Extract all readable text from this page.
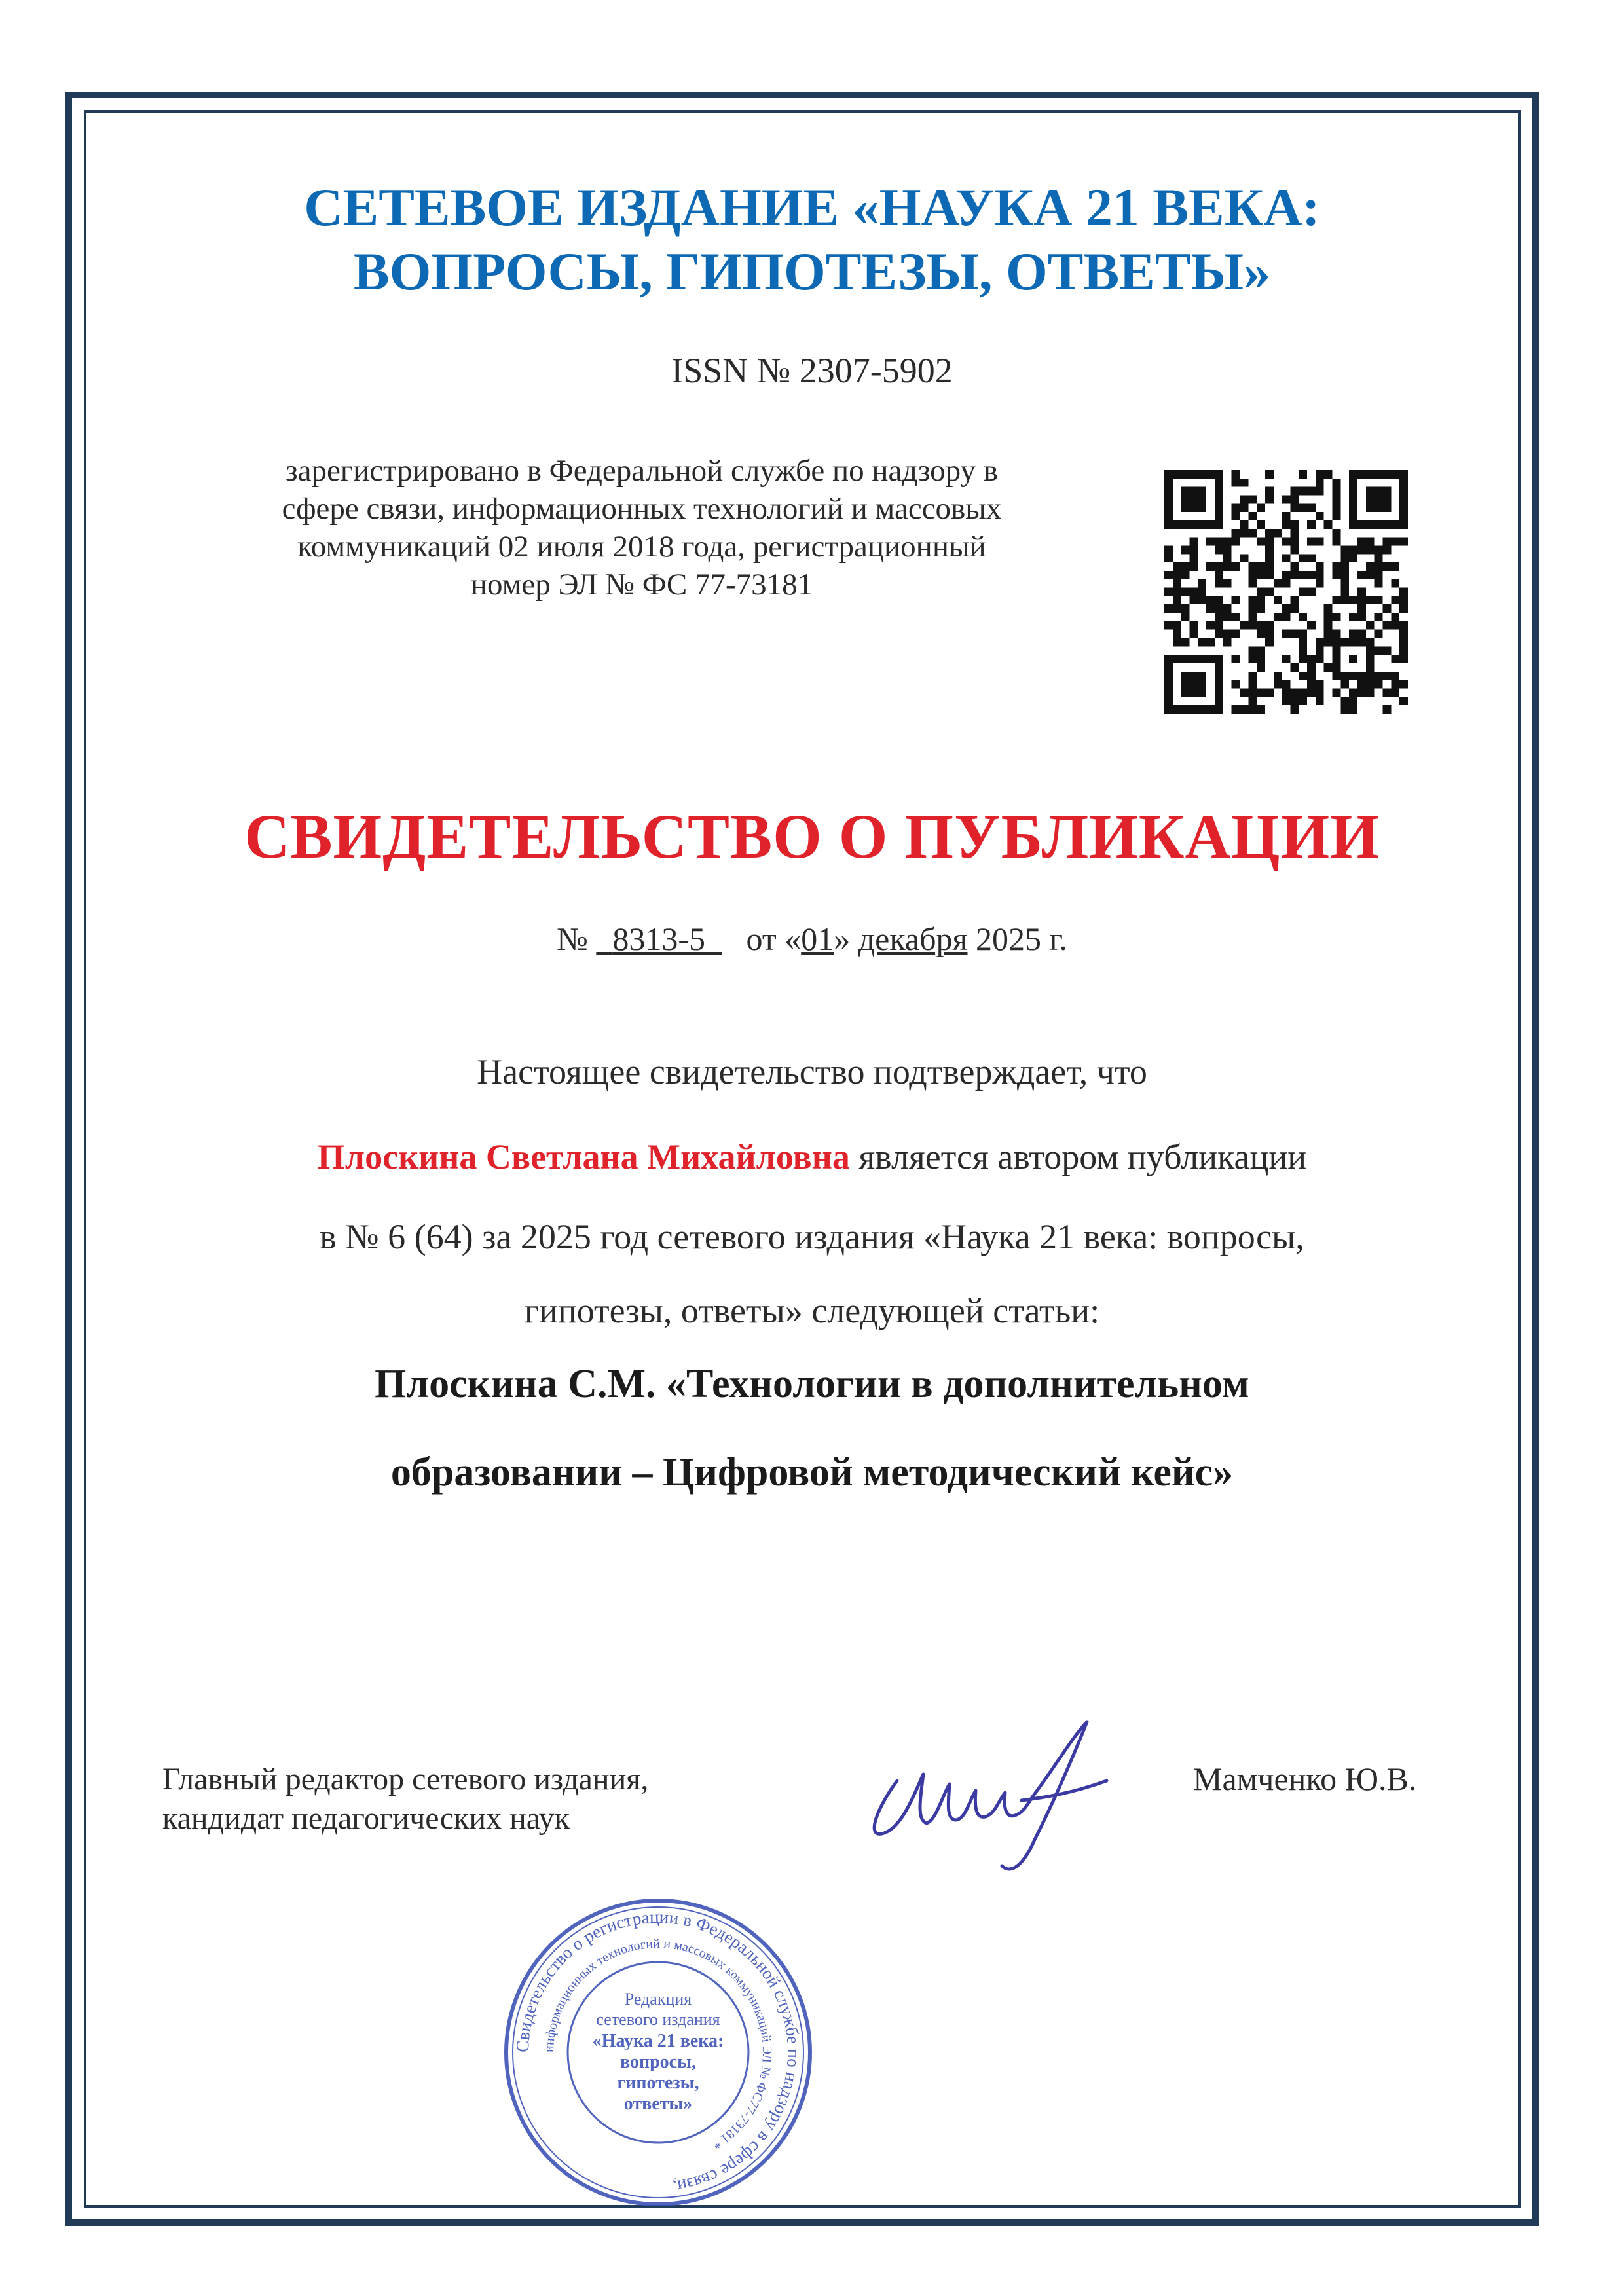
СЕТЕВОЕ ИЗДАНИЕ «НАУКА 21 ВЕКА:
ВОПРОСЫ, ГИПОТЕЗЫ, ОТВЕТЫ»
ISSN № 2307-5902
зарегистрировано в Федеральной службе по надзору в
сфере связи, информационных технологий и массовых
коммуникаций 02 июля 2018 года, регистрационный
номер ЭЛ № ФС 77-73181
СВИДЕТЕЛЬСТВО О ПУБЛИКАЦИИ
№ 8313-5 от «01» декабря 2025 г.
Настоящее свидетельство подтверждает, что
Плоскина Светлана Михайловна является автором публикации
в № 6 (64) за 2025 год сетевого издания «Наука 21 века: вопросы,
гипотезы, ответы» следующей статьи:
Плоскина С.М. «Технологии в дополнительном
образовании – Цифровой методический кейс»
Главный редактор сетевого издания,
кандидат педагогических наук
Мамченко Ю.В.
Свидетельство о регистрации в Федеральной службе по надзору в сфере связи,
информационных технологий и массовых коммуникаций ЭЛ № ФС77-73181 *
Редакция
сетевого издания
«Наука 21 века:
вопросы,
гипотезы,
ответы»
